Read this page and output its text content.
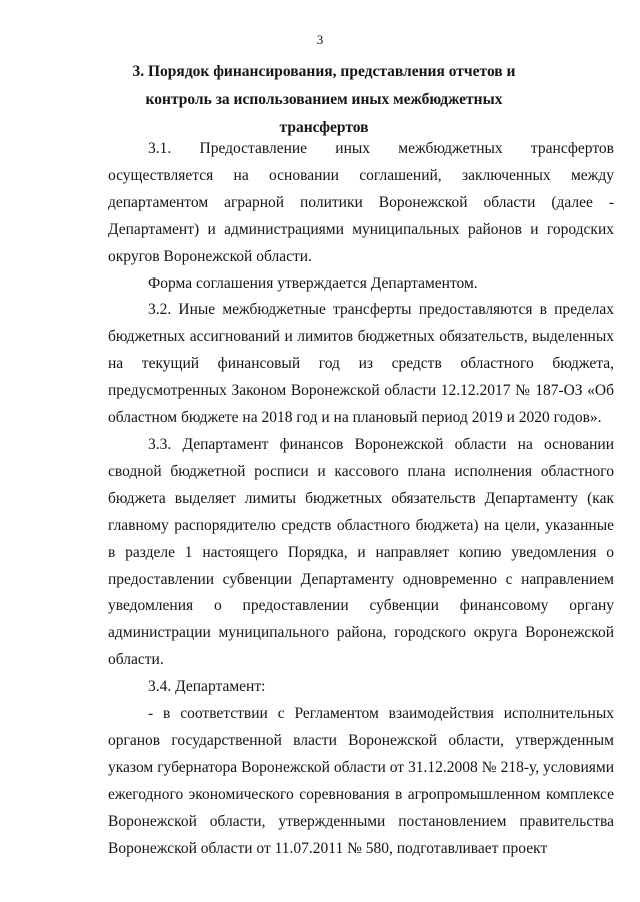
3
3. Порядок финансирования, представления отчетов и контроль за использованием иных межбюджетных трансфертов

3.1. Предоставление иных межбюджетных трансфертов осуществляется на основании соглашений, заключенных между департаментом аграрной политики Воронежской области (далее - Департамент) и администрациями муниципальных районов и городских округов Воронежской области.

Форма соглашения утверждается Департаментом.

3.2. Иные межбюджетные трансферты предоставляются в пределах бюджетных ассигнований и лимитов бюджетных обязательств, выделенных на текущий финансовый год из средств областного бюджета, предусмотренных Законом Воронежской области 12.12.2017 № 187-ОЗ «Об областном бюджете на 2018 год и на плановый период 2019 и 2020 годов».

3.3. Департамент финансов Воронежской области на основании сводной бюджетной росписи и кассового плана исполнения областного бюджета выделяет лимиты бюджетных обязательств Департаменту (как главному распорядителю средств областного бюджета) на цели, указанные в разделе 1 настоящего Порядка, и направляет копию уведомления о предоставлении субвенции Департаменту одновременно с направлением уведомления о предоставлении субвенции финансовому органу администрации муниципального района, городского округа Воронежской области.

3.4. Департамент:

- в соответствии с Регламентом взаимодействия исполнительных органов государственной власти Воронежской области, утвержденным указом губернатора Воронежской области от 31.12.2008 № 218-у, условиями ежегодного экономического соревнования в агропромышленном комплексе Воронежской области, утвержденными постановлением правительства Воронежской области от 11.07.2011 № 580, подготавливает проект
